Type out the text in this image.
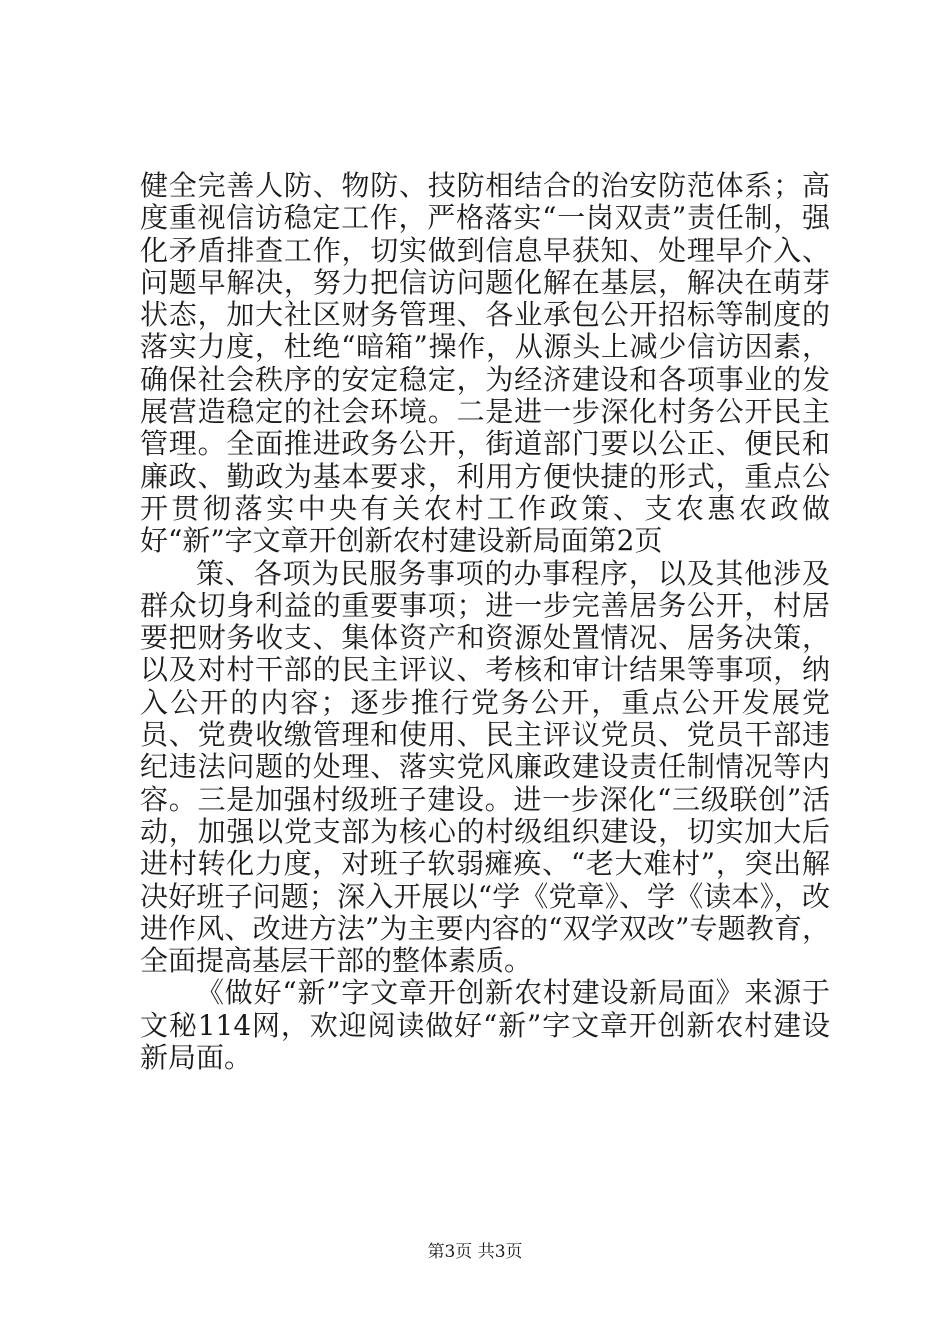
健全完善人防、物防、技防相结合的治安防范体系；高度重视信访稳定工作，严格落实“一岗双责”责任制，强化矛盾排查工作，切实做到信息早获知、处理早介入、问题早解决，努力把信访问题化解在基层，解决在萌芽状态，加大社区财务管理、各业承包公开招标等制度的落实力度，杜绝“暗箱”操作，从源头上减少信访因素，确保社会秩序的安定稳定，为经济建设和各项事业的发展营造稳定的社会环境。二是进一步深化村务公开民主管理。全面推进政务公开，街道部门要以公正、便民和廉政、勤政为基本要求，利用方便快捷的形式，重点公开贯彻落实中央有关农村工作政策、支农惠农政做好“新”字文章开创新农村建设新局面第2页

策、各项为民服务事项的办事程序，以及其他涉及群众切身利益的重要事项；进一步完善居务公开，村居要把财务收支、集体资产和资源处置情况、居务决策，以及对村干部的民主评议、考核和审计结果等事项，纳入公开的内容；逐步推行党务公开，重点公开发展党员、党费收缴管理和使用、民主评议党员、党员干部违纪违法问题的处理、落实党风廉政建设责任制情况等内容。三是加强村级班子建设。进一步深化“三级联创”活动，加强以党支部为核心的村级组织建设，切实加大后进村转化力度，对班子软弱瘫痪、“老大难村”，突出解决好班子问题；深入开展以“学《党章》、学《读本》，改进作风、改进方法”为主要内容的“双学双改”专题教育，全面提高基层干部的整体素质。

《做好“新”字文章开创新农村建设新局面》来源于文秘114网，欢迎阅读做好“新”字文章开创新农村建设新局面。

第3页 共3页
